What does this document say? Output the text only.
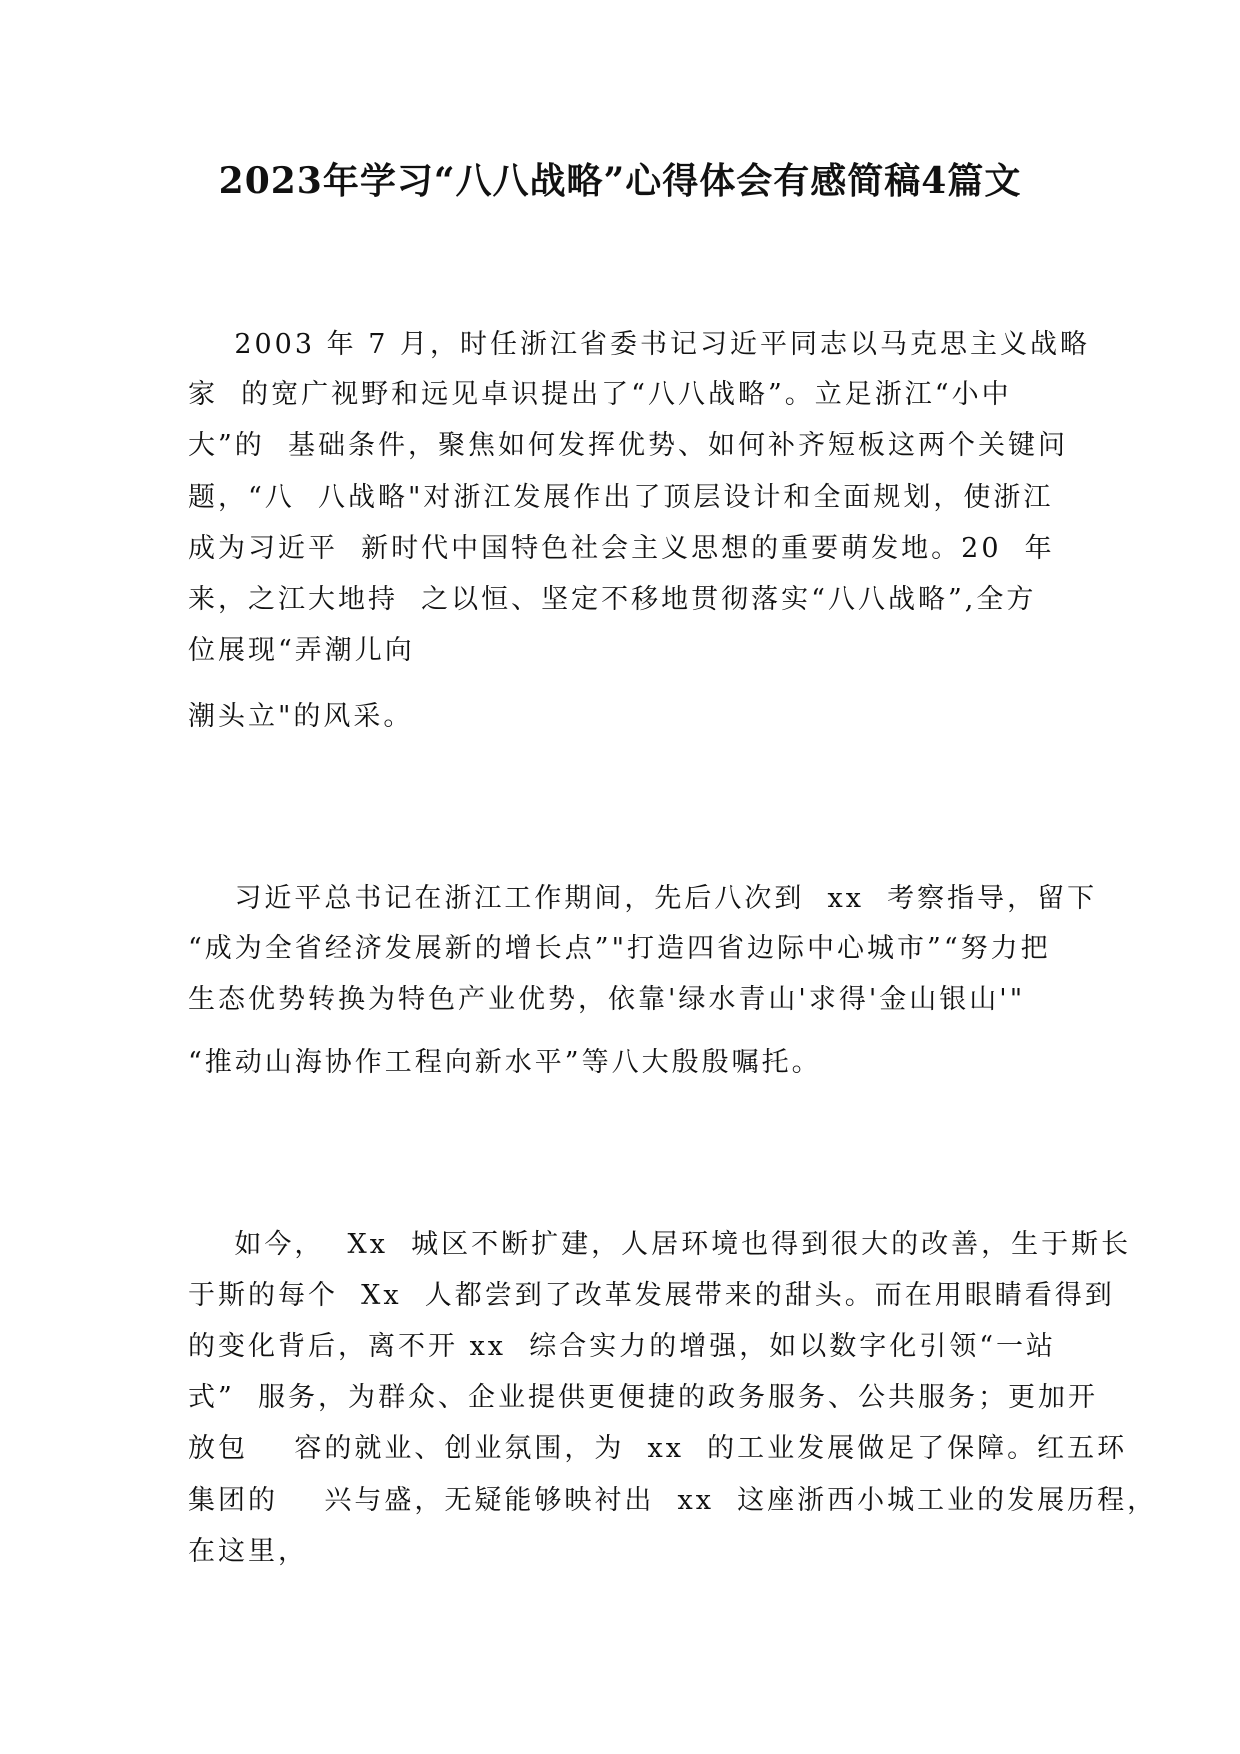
2023年学习“八八战略”心得体会有感简稿4篇文
2003 年 7 月，时任浙江省委书记习近平同志以马克思主义战略
家  的宽广视野和远见卓识提出了“八八战略”。立足浙江“小中
大”的  基础条件，聚焦如何发挥优势、如何补齐短板这两个关键问
题，“八  八战略"对浙江发展作出了顶层设计和全面规划，使浙江
成为习近平  新时代中国特色社会主义思想的重要萌发地。20  年
来，之江大地持  之以恒、坚定不移地贯彻落实“八八战略”,全方
位展现“弄潮儿向
潮头立"的风采。
习近平总书记在浙江工作期间，先后八次到  xx  考察指导，留下
“成为全省经济发展新的增长点”"打造四省边际中心城市”“努力把
生态优势转换为特色产业优势，依靠'绿水青山'求得'金山银山'"
“推动山海协作工程向新水平”等八大殷殷嘱托。
如今，  Xx  城区不断扩建，人居环境也得到很大的改善，生于斯长
于斯的每个  Xx  人都尝到了改革发展带来的甜头。而在用眼睛看得到
的变化背后，离不开 xx  综合实力的增强，如以数字化引领“一站
式”  服务，为群众、企业提供更便捷的政务服务、公共服务；更加开
放包    容的就业、创业氛围，为  xx  的工业发展做足了保障。红五环
集团的    兴与盛，无疑能够映衬出  xx  这座浙西小城工业的发展历程，
在这里，
